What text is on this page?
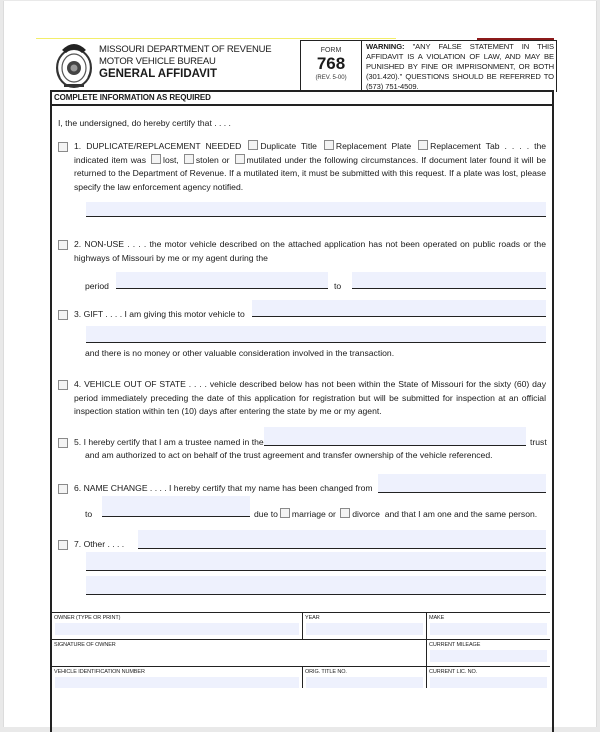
MISSOURI DEPARTMENT OF REVENUE
MOTOR VEHICLE BUREAU
GENERAL AFFIDAVIT
FORM
768
(REV. 5-00)
WARNING: "ANY FALSE STATEMENT IN THIS AFFIDAVIT IS A VIOLATION OF LAW, AND MAY BE PUNISHED BY FINE OR IMPRISONMENT, OR BOTH (301.420)." QUESTIONS SHOULD BE REFERRED TO (573) 751-4509.
COMPLETE INFORMATION AS REQUIRED
I, the undersigned, do hereby certify that . . . .
1. DUPLICATE/REPLACEMENT NEEDED Duplicate Title Replacement Plate Replacement Tab . . . . the indicated item was lost, stolen or mutilated under the following circumstances. If document later found it will be returned to the Department of Revenue. If a mutilated item, it must be submitted with this request. If a plate was lost, please specify the law enforcement agency notified.
2. NON-USE . . . . the motor vehicle described on the attached application has not been operated on public roads or the highways of Missouri by me or my agent during the
period	to
3. GIFT . . . . I am giving this motor vehicle to
and there is no money or other valuable consideration involved in the transaction.
4. VEHICLE OUT OF STATE . . . . vehicle described below has not been within the State of Missouri for the sixty (60) day period immediately preceding the date of this application for registration but will be submitted for inspection at an official inspection station within ten (10) days after entering the state by me or my agent.
5. I hereby certify that I am a trustee named in the	trust
and am authorized to act on behalf of the trust agreement and transfer ownership of the vehicle referenced.
6. NAME CHANGE . . . . I hereby certify that my name has been changed from
to	due to marriage or divorce and that I am one and the same person.
7. Other . . . .
OWNER (TYPE OR PRINT)	YEAR	MAKE
SIGNATURE OF OWNER	CURRENT MILEAGE
VEHICLE IDENTIFICATION NUMBER	ORIG. TITLE NO.	CURRENT LIC. NO.
